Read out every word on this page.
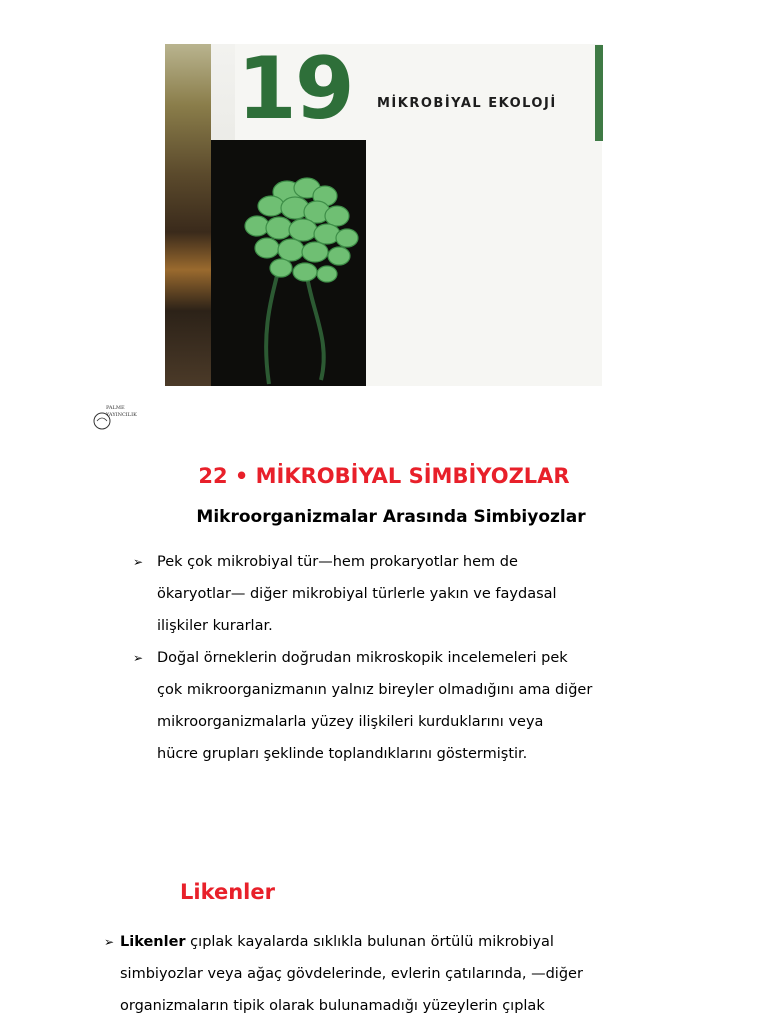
19 MİKROBİYAL EKOLOJİ
PALME
YAYINCILIK
22 • MİKROBİYAL SİMBİYOZLAR
Mikroorganizmalar Arasında Simbiyozlar
➢ Pek çok mikrobiyal tür—hem prokaryotlar hem de
ökaryotlar— diğer mikrobiyal türlerle yakın ve faydasal
ilişkiler kurarlar.
➢ Doğal örneklerin doğrudan mikroskopik incelemeleri pek
çok mikroorganizmanın yalnız bireyler olmadığını ama diğer
mikroorganizmalarla yüzey ilişkileri kurduklarını veya
hücre grupları şeklinde toplandıklarını göstermiştir.
Likenler
➢ Likenler çıplak kayalarda sıklıkla bulunan örtülü mikrobiyal
simbiyozlar veya ağaç gövdelerinde, evlerin çatılarında, —diğer
organizmaların tipik olarak bulunamadığı yüzeylerin çıplak
